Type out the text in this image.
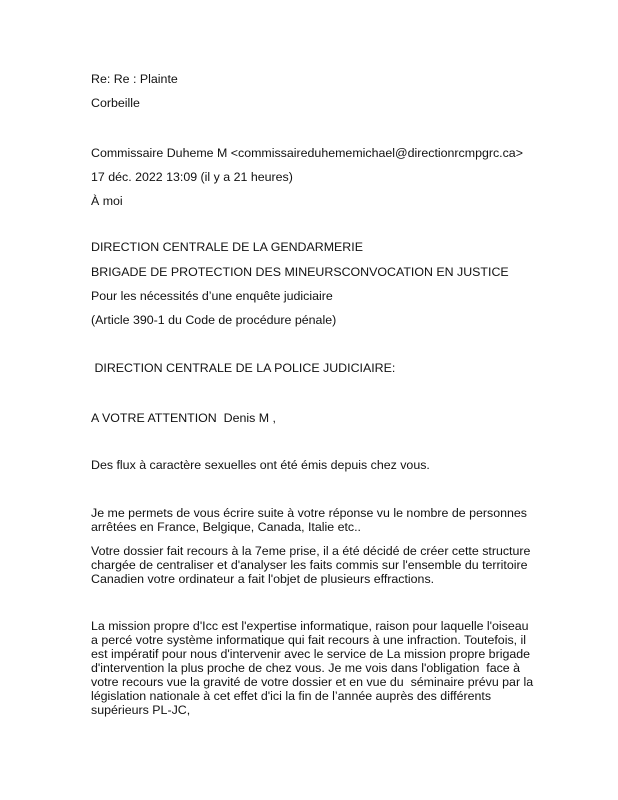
Re: Re : Plainte

Corbeille

Commissaire Duheme M <commissaireduhememichael@directionrcmpgrc.ca>

17 déc. 2022 13:09 (il y a 21 heures)

À moi

DIRECTION CENTRALE DE LA GENDARMERIE

BRIGADE DE PROTECTION DES MINEURSCONVOCATION EN JUSTICE

Pour les nécessités d’une enquête judiciaire

(Article 390-1 du Code de procédure pénale)

DIRECTION CENTRALE DE LA POLICE JUDICIAIRE:

A VOTRE ATTENTION  Denis M ,

Des flux à caractère sexuelles ont été émis depuis chez vous.

Je me permets de vous écrire suite à votre réponse vu le nombre de personnes

arrêtées en France, Belgique, Canada, Italie etc..

Votre dossier fait recours à la 7eme prise, il a été décidé de créer cette structure

chargée de centraliser et d'analyser les faits commis sur l'ensemble du territoire

Canadien votre ordinateur a fait l'objet de plusieurs effractions.

La mission propre d'Icc est l'expertise informatique, raison pour laquelle l'oiseau

a percé votre système informatique qui fait recours à une infraction. Toutefois, il

est impératif pour nous d'intervenir avec le service de La mission propre brigade

d'intervention la plus proche de chez vous. Je me vois dans l'obligation  face à

votre recours vue la gravité de votre dossier et en vue du  séminaire prévu par la

législation nationale à cet effet d'ici la fin de l’année auprès des différents

supérieurs PL-JC,
